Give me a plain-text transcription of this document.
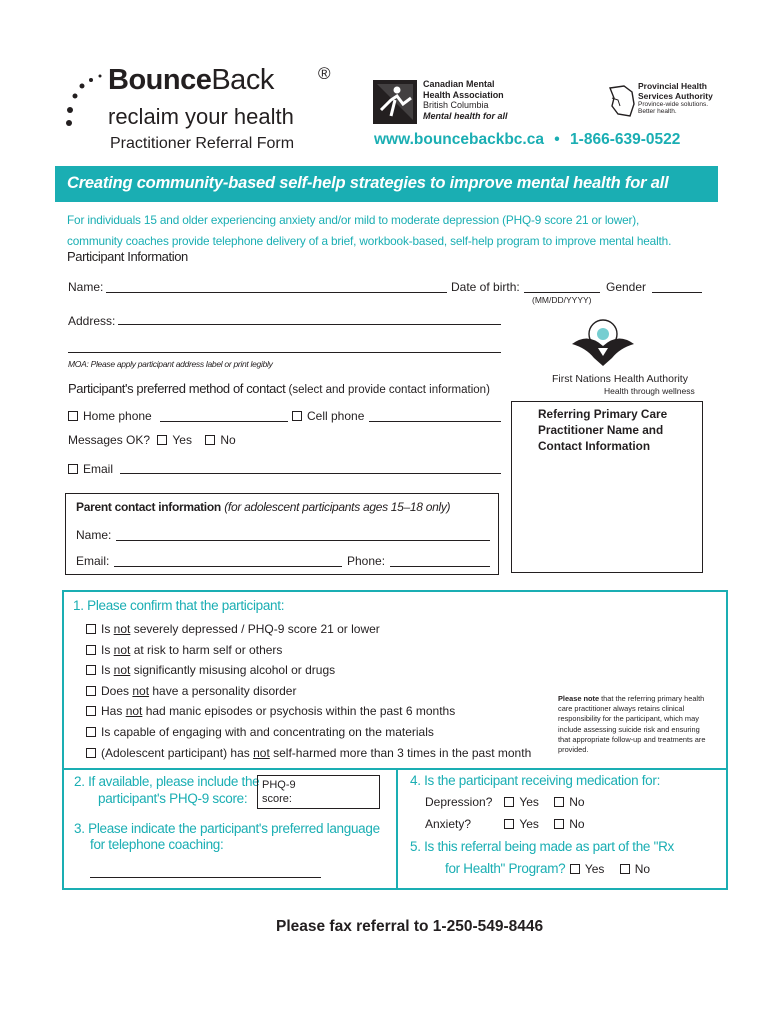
BounceBack	®
reclaim your health
Practitioner Referral Form
Canadian Mental
Health Association
British Columbia
Mental health for all
Provincial Health
Services Authority
Province-wide solutions.
Better health.
www.bouncebackbc.ca • 1-866-639-0522
Creating community-based self-help strategies to improve mental health for all
For individuals 15 and older experiencing anxiety and/or mild to moderate depression (PHQ-9 score 21 or lower),
community coaches provide telephone delivery of a brief, workbook-based, self-help program to improve mental health.
Participant Information
Name:	Date of birth:	Gender
(MM/DD/YYYY)
Address:
MOA: Please apply participant address label or print legibly
Participant's preferred method of contact (select and provide contact information)
Home phone	Cell phone
Messages OK? Yes No
Email
First Nations Health Authority
Health through wellness
Referring Primary Care
Practitioner Name and
Contact Information
Parent contact information (for adolescent participants ages 15–18 only)
Name:
Email:	Phone:
1. Please confirm that the participant:
Is not severely depressed / PHQ-9 score 21 or lower
Is not at risk to harm self or others
Is not significantly misusing alcohol or drugs
Does not have a personality disorder
Has not had manic episodes or psychosis within the past 6 months
Is capable of engaging with and concentrating on the materials
(Adolescent participant) has not self-harmed more than 3 times in the past month
Please note that the referring primary health care practitioner always retains clinical responsibility for the participant, which may include assessing suicide risk and ensuring that appropriate follow-up and treatments are provided.
2. If available, please include the
participant's PHQ-9 score:
PHQ-9
score:
3. Please indicate the participant's preferred language
for telephone coaching:
4. Is the participant receiving medication for:
Depression? Yes	No
Anxiety?	Yes	No
5. Is this referral being made as part of the "Rx
for Health" Program? Yes	No
Please fax referral to 1-250-549-8446
